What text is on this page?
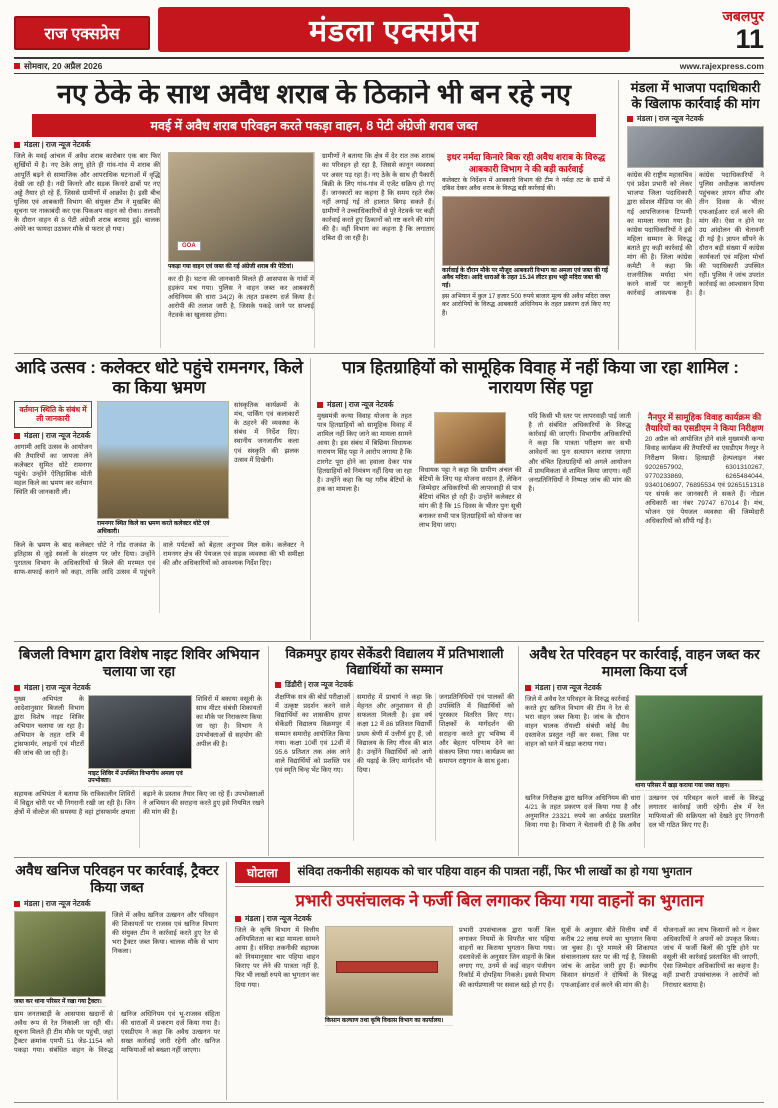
राज एक्सप्रेस	मंडला एक्सप्रेस	जबलपुर
11
सोमवार, 20 अप्रैल 2026	www.rajexpress.com
नए ठेके के साथ अवैध शराब के ठिकाने भी बन रहे नए
मवई में अवैध शराब परिवहन करते पकड़ा वाहन, 8 पेटी अंग्रेजी शराब जब्त
मंडला | राज न्यूज नेटवर्क
जिले के मवई आंचल में अवैध शराब कारोबार एक बार फिर सुर्खियों में है। नए ठेके लागू होते ही गांव-गांव में शराब की आपूर्ति बढ़ने से सामाजिक और आपराधिक घटनाओं में वृद्धि देखी जा रही है। नदी किनारे और सड़क किनारे ढाबों पर नए अड्डे तैयार हो रहे हैं, जिससे ग्रामीणों में आक्रोश है। इसी बीच पुलिस एवं आबकारी विभाग की संयुक्त टीम ने मुखबिर की सूचना पर नाकाबंदी कर एक पिकअप वाहन को रोका। तलाशी के दौरान वाहन से 8 पेटी अंग्रेजी शराब बरामद हुई। चालक अंधेरे का फायदा उठाकर मौके से फरार हो गया।
GOA
पकड़ा गया वाहन एवं जब्त की गई अंग्रेजी शराब की पेटियां।
कर दी है। घटना की जानकारी मिलते ही आसपास के गांवों में हड़कंप मच गया। पुलिस ने वाहन जब्त कर आबकारी अधिनियम की धारा 34(2) के तहत प्रकरण दर्ज किया है। आरोपी की तलाश जारी है, जिसके पकड़े जाने पर सप्लाई नेटवर्क का खुलासा होगा।
ग्रामीणों ने बताया कि क्षेत्र में देर रात तक शराब का परिवहन हो रहा है, जिससे कानून व्यवस्था पर असर पड़ रहा है। नए ठेके के साथ ही पैकारी बिक्री के लिए गांव-गांव में एजेंट सक्रिय हो गए हैं। जानकारों का कहना है कि समय रहते रोक नहीं लगाई गई तो हालात बिगड़ सकते हैं। ग्रामीणों ने उच्चाधिकारियों से पूरे नेटवर्क पर कड़ी कार्रवाई करते हुए ठिकानों को नष्ट करने की मांग की है। वहीं विभाग का कहना है कि लगातार दबिश दी जा रही है।
इधर नर्मदा किनारे बिक रही अवैध शराब के विरुद्ध आबकारी विभाग ने की बड़ी कार्रवाई
कलेक्टर के निर्देशन में आबकारी विभाग की टीम ने नर्मदा तट के ग्रामों में दबिश देकर अवैध शराब के विरुद्ध बड़ी कार्रवाई की।
कार्रवाई के दौरान मौके पर मौजूद आबकारी विभाग का अमला एवं जब्त की गई अवैध मदिरा। आदि धाराओं के तहत 15.34 लीटर हाथ भट्टी मदिरा जब्त की गई।
इस अभियान में कुल 17 हजार 500 रुपये बाजार मूल्य की अवैध मदिरा जब्त कर आरोपियों के विरुद्ध आबकारी अधिनियम के तहत प्रकरण दर्ज किए गए हैं।
मंडला में भाजपा पदाधिकारी के खिलाफ कार्रवाई की मांग
मंडला | राज न्यूज नेटवर्क
कांग्रेस की राष्ट्रीय महासचिव एवं प्रदेश प्रभारी को लेकर भाजपा जिला पदाधिकारी द्वारा सोशल मीडिया पर की गई आपत्तिजनक टिप्पणी का मामला गरमा गया है। कांग्रेस पदाधिकारियों ने इसे महिला सम्मान के विरुद्ध बताते हुए कड़ी कार्रवाई की मांग की है। जिला कांग्रेस कमेटी ने कहा कि राजनीतिक मर्यादा भंग करने वालों पर कानूनी कार्रवाई आवश्यक है। कांग्रेस पदाधिकारियों ने पुलिस अधीक्षक कार्यालय पहुंचकर ज्ञापन सौंपा और तीन दिवस के भीतर एफआईआर दर्ज करने की मांग की। ऐसा न होने पर उग्र आंदोलन की चेतावनी दी गई है। ज्ञापन सौंपने के दौरान बड़ी संख्या में कांग्रेस कार्यकर्ता एवं महिला मोर्चा की पदाधिकारी उपस्थित रहीं। पुलिस ने जांच उपरांत कार्रवाई का आश्वासन दिया है।
आदि उत्सव : कलेक्टर धोटे पहुंचे रामनगर, किले का किया भ्रमण
वर्तमान स्थिति के संबंध में ली जानकारी
मंडला | राज न्यूज नेटवर्क
आगामी आदि उत्सव के आयोजन की तैयारियों का जायजा लेने कलेक्टर सुमित धोटे रामनगर पहुंचे। उन्होंने ऐतिहासिक मोती महल किले का भ्रमण कर वर्तमान स्थिति की जानकारी ली।
रामनगर स्थित किले का भ्रमण करते कलेक्टर धोटे एवं अधिकारी।
सांस्कृतिक कार्यक्रमों के मंच, पार्किंग एवं कलाकारों के ठहरने की व्यवस्था के संबंध में निर्देश दिए। स्थानीय जनजातीय कला एवं संस्कृति की झलक उत्सव में दिखेगी।
किले के भ्रमण के बाद कलेक्टर धोटे ने गोंड राजवंश के इतिहास से जुड़े स्थलों के संरक्षण पर जोर दिया। उन्होंने पुरातत्व विभाग के अधिकारियों से किले की मरम्मत एवं साफ-सफाई कराने को कहा, ताकि आदि उत्सव में पहुंचने वाले पर्यटकों को बेहतर अनुभव मिल सके। कलेक्टर ने रामनगर क्षेत्र की पेयजल एवं सड़क व्यवस्था की भी समीक्षा की और अधिकारियों को आवश्यक निर्देश दिए।
पात्र हितग्राहियों को सामूहिक विवाह में नहीं किया जा रहा शामिल : नारायण सिंह पट्टा
मंडला | राज न्यूज नेटवर्क
मुख्यमंत्री कन्या विवाह योजना के तहत पात्र हितग्राहियों को सामूहिक विवाह में शामिल नहीं किए जाने का मामला सामने आया है। इस संबंध में बिछिया विधायक नारायण सिंह पट्टा ने आरोप लगाया है कि टारगेट पूरा होने का हवाला देकर पात्र हितग्राहियों को निमंत्रण नहीं दिया जा रहा है। उन्होंने कहा कि यह गरीब बेटियों के हक का मामला है।
विधायक पट्टा ने कहा कि ग्रामीण अंचल की बेटियों के लिए यह योजना वरदान है, लेकिन जिम्मेदार अधिकारियों की लापरवाही से पात्र बेटियां वंचित हो रही हैं। उन्होंने कलेक्टर से मांग की है कि 15 दिवस के भीतर पुनः सूची बनाकर सभी पात्र हितग्राहियों को योजना का लाभ दिया जाए।
यदि किसी भी स्तर पर लापरवाही पाई जाती है तो संबंधित अधिकारियों के विरुद्ध कार्रवाई की जाएगी। विभागीय अधिकारियों ने कहा कि पात्रता परीक्षण कर सभी आवेदनों का पुनः सत्यापन कराया जाएगा और वंचित हितग्राहियों को अगले आयोजन में प्राथमिकता से शामिल किया जाएगा। वहीं जनप्रतिनिधियों ने निष्पक्ष जांच की मांग की है।
नैनपुर में सामूहिक विवाह कार्यक्रम की तैयारियों का एसडीएम ने किया निरीक्षण
20 अप्रैल को आयोजित होने वाले मुख्यमंत्री कन्या विवाह कार्यक्रम की तैयारियों का एसडीएम नैनपुर ने निरीक्षण किया। हितग्राही हेल्पलाइन नंबर 9202657902, 6301310267, 9770233869, 6265484044, 9340106907, 76895534 एवं 9265151318 पर संपर्क कर जानकारी ले सकते हैं। नोडल अधिकारी का नंबर 79747 67014 है। मंच, भोजन एवं पेयजल व्यवस्था की जिम्मेदारी अधिकारियों को सौंपी गई है।
बिजली विभाग द्वारा विशेष नाइट शिविर अभियान चलाया जा रहा
मंडला | राज न्यूज नेटवर्क
मुख्य अभियंता के आदेशानुसार बिजली विभाग द्वारा विशेष नाइट शिविर अभियान चलाया जा रहा है। अभियान के तहत रात्रि में ट्रांसफार्मर, लाइनों एवं मीटरों की जांच की जा रही है।
नाइट शिविर में उपस्थित विभागीय अमला एवं उपभोक्ता।
शिविरों में बकाया वसूली के साथ मीटर संबंधी शिकायतों का मौके पर निराकरण किया जा रहा है। विभाग ने उपभोक्ताओं से सहयोग की अपील की है।
सहायक अभियंता ने बताया कि रात्रिकालीन शिविरों में विद्युत चोरी पर भी निगरानी रखी जा रही है। जिन क्षेत्रों में वोल्टेज की समस्या है वहां ट्रांसफार्मर क्षमता बढ़ाने के प्रस्ताव तैयार किए जा रहे हैं। उपभोक्ताओं ने अभियान की सराहना करते हुए इसे नियमित रखने की मांग की है।
विक्रमपुर हायर सेकेंडरी विद्यालय में प्रतिभाशाली विद्यार्थियों का सम्मान
डिंडौरी | राज न्यूज नेटवर्क
शैक्षणिक सत्र की बोर्ड परीक्षाओं में उत्कृष्ट प्रदर्शन करने वाले विद्यार्थियों का शासकीय हायर सेकेंडरी विद्यालय विक्रमपुर में सम्मान समारोह आयोजित किया गया। कक्षा 10वीं एवं 12वीं में 95.6 प्रतिशत तक अंक लाने वाले विद्यार्थियों को प्रशस्ति पत्र एवं स्मृति चिन्ह भेंट किए गए।
समारोह में प्राचार्य ने कहा कि मेहनत और अनुशासन से ही सफलता मिलती है। इस वर्ष कक्षा 12 में 86 प्रतिशत विद्यार्थी प्रथम श्रेणी में उत्तीर्ण हुए हैं, जो विद्यालय के लिए गौरव की बात है। उन्होंने विद्यार्थियों को आगे की पढ़ाई के लिए मार्गदर्शन भी दिया।
जनप्रतिनिधियों एवं पालकों की उपस्थिति में विद्यार्थियों को पुरस्कार वितरित किए गए। शिक्षकों के मार्गदर्शन की सराहना करते हुए भविष्य में और बेहतर परिणाम देने का संकल्प लिया गया। कार्यक्रम का समापन राष्ट्रगान के साथ हुआ।
अवैध रेत परिवहन पर कार्रवाई, वाहन जब्त कर मामला किया दर्ज
मंडला | राज न्यूज नेटवर्क
जिले में अवैध रेत परिवहन के विरुद्ध कार्रवाई करते हुए खनिज विभाग की टीम ने रेत से भरा वाहन जब्त किया है। जांच के दौरान वाहन चालक रॉयल्टी संबंधी कोई वैध दस्तावेज प्रस्तुत नहीं कर सका, जिस पर वाहन को थाने में खड़ा कराया गया।
थाना परिसर में खड़ा कराया गया जब्त वाहन।
खनिज निरीक्षक द्वारा खनिज अधिनियम की धारा 4/21 के तहत प्रकरण दर्ज किया गया है और अनुमानित 23321 रुपये का अर्थदंड प्रस्तावित किया गया है। विभाग ने चेतावनी दी है कि अवैध उत्खनन एवं परिवहन करने वालों के विरुद्ध लगातार कार्रवाई जारी रहेगी। क्षेत्र में रेत माफियाओं की सक्रियता को देखते हुए निगरानी दल भी गठित किए गए हैं।
अवैध खनिज परिवहन पर कार्रवाई, ट्रैक्टर किया जब्त
मंडला | राज न्यूज नेटवर्क
जब्त कर थाना परिसर में रखा गया ट्रैक्टर।
जिले में अवैध खनिज उत्खनन और परिवहन की शिकायतों पर राजस्व एवं खनिज विभाग की संयुक्त टीम ने कार्रवाई करते हुए रेत से भरा ट्रैक्टर जब्त किया। चालक मौके से भाग निकला।
ग्राम जनताबाड़ी के आसपास खदानों से अवैध रूप से रेत निकाली जा रही थी। सूचना मिलते ही टीम मौके पर पहुंची, जहां ट्रैक्टर क्रमांक एमपी 51 जेड-1154 को पकड़ा गया। संबंधित वाहन के विरुद्ध खनिज अधिनियम एवं भू-राजस्व संहिता की धाराओं में प्रकरण दर्ज किया गया है। एसडीएम ने कहा कि अवैध उत्खनन पर सख्त कार्रवाई जारी रहेगी और खनिज माफियाओं को बख्शा नहीं जाएगा।
घोटाला	संविदा तकनीकी सहायक को चार पहिया वाहन की पात्रता नहीं, फिर भी लाखों का हो गया भुगतान
प्रभारी उपसंचालक ने फर्जी बिल लगाकर किया गया वाहनों का भुगतान
मंडला | राज न्यूज नेटवर्क
जिले के कृषि विभाग में वित्तीय अनियमितता का बड़ा मामला सामने आया है। संविदा तकनीकी सहायक को नियमानुसार चार पहिया वाहन किराए पर लेने की पात्रता नहीं है, फिर भी लाखों रुपये का भुगतान कर दिया गया।
किसान कल्याण तथा कृषि विकास विभाग का कार्यालय।
प्रभारी उपसंचालक द्वारा फर्जी बिल लगाकर नियमों के विपरीत चार पहिया वाहनों का किराया भुगतान किया गया। दस्तावेजों के अनुसार जिन वाहनों के बिल लगाए गए, उनमें से कई वाहन पंजीयन रिकॉर्ड में दोपहिया निकले। इससे विभाग की कार्यप्रणाली पर सवाल खड़े हो गए हैं।
सूत्रों के अनुसार बीते वित्तीय वर्षों में करीब 22 लाख रुपये का भुगतान किया जा चुका है। पूरे मामले की शिकायत संचालनालय स्तर पर की गई है, जिसकी जांच के आदेश जारी हुए हैं। स्थानीय किसान संगठनों ने दोषियों के विरुद्ध एफआईआर दर्ज करने की मांग की है।
योजनाओं का लाभ किसानों को न देकर अधिकारियों ने अपनों को उपकृत किया। जांच में फर्जी बिलों की पुष्टि होने पर वसूली की कार्रवाई प्रस्तावित की जाएगी, ऐसा जिम्मेदार अधिकारियों का कहना है। वहीं प्रभारी उपसंचालक ने आरोपों को निराधार बताया है।
